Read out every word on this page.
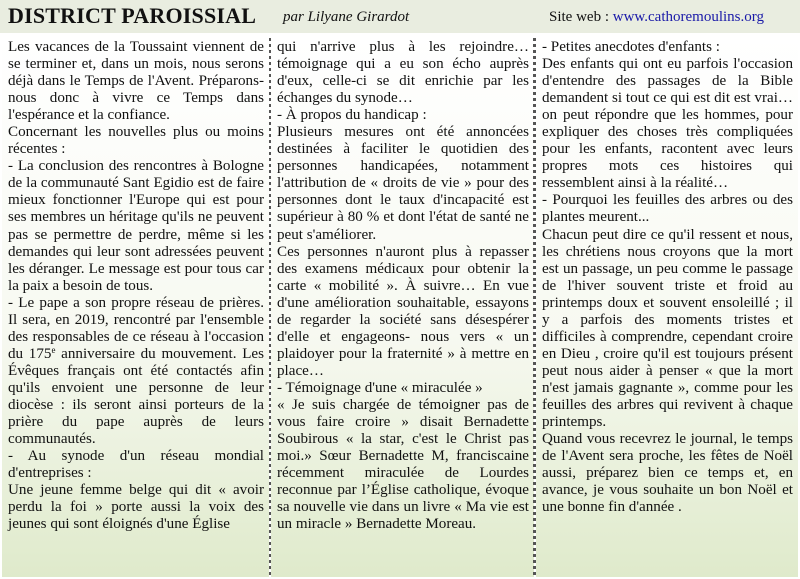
DISTRICT PAROISSIAL par Lilyane Girardot	Site web : www.cathoremoulins.org

Les vacances de la Toussaint viennent de se terminer et, dans un mois, nous serons déjà dans le Temps de l'Avent. Préparons-nous donc à vivre ce Temps dans l'espérance et la confiance.

Concernant les nouvelles plus ou moins récentes :

- La conclusion des rencontres à Bologne de la communauté Sant Egidio est de faire mieux fonctionner l'Europe qui est pour ses membres un héritage qu'ils ne peuvent pas se permettre de perdre, même si les demandes qui leur sont adressées peuvent les déranger. Le message est pour tous car la paix a besoin de tous.

- Le pape a son propre réseau de prières. Il sera, en 2019, rencontré par l'ensemble des responsables de ce réseau à l'occasion du 175e anniversaire du mouvement. Les Évêques français ont été contactés afin qu'ils envoient une personne de leur diocèse : ils seront ainsi porteurs de la prière du pape auprès de leurs communautés.

- Au synode d'un réseau mondial d'entreprises :

Une jeune femme belge qui dit « avoir perdu la foi » porte aussi la voix des jeunes qui sont éloignés d'une Église

qui n'arrive plus à les rejoindre… témoignage qui a eu son écho auprès d'eux, celle-ci se dit enrichie par les échanges du synode…

- À propos du handicap :

Plusieurs mesures ont été annoncées destinées à faciliter le quotidien des personnes handicapées, notamment l'attribution de « droits de vie » pour des personnes dont le taux d'incapacité est supérieur à 80 % et dont l'état de santé ne peut s'améliorer.

Ces personnes n'auront plus à repasser des examens médicaux pour obtenir la carte « mobilité ». À suivre… En vue d'une amélioration souhaitable, essayons de regarder la société sans désespérer d'elle et engageons- nous vers « un plaidoyer pour la fraternité » à mettre en place…

- Témoignage d'une « miraculée »

« Je suis chargée de témoigner pas de vous faire croire » disait Bernadette Soubirous « la star, c'est le Christ pas moi.» Sœur Bernadette M, franciscaine récemment miraculée de Lourdes reconnue par l’Église catholique, évoque sa nouvelle vie dans un livre « Ma vie est un miracle » Bernadette Moreau.

- Petites anecdotes d'enfants :

Des enfants qui ont eu parfois l'occasion d'entendre des passages de la Bible demandent si tout ce qui est dit est vrai… on peut répondre que les hommes, pour expliquer des choses très compliquées pour les enfants, racontent avec leurs propres mots ces histoires qui ressemblent ainsi à la réalité…

- Pourquoi les feuilles des arbres ou des plantes meurent...

Chacun peut dire ce qu'il ressent et nous, les chrétiens nous croyons que la mort est un passage, un peu comme le passage de l'hiver souvent triste et froid au printemps doux et souvent ensoleillé ; il y a parfois des moments tristes et difficiles à comprendre, cependant croire en Dieu , croire qu'il est toujours présent peut nous aider à penser « que la mort n'est jamais gagnante », comme pour les feuilles des arbres qui revivent à chaque printemps.

Quand vous recevrez le journal, le temps de l'Avent sera proche, les fêtes de Noël aussi, préparez bien ce temps et, en avance, je vous souhaite un bon Noël et une bonne fin d'année .
